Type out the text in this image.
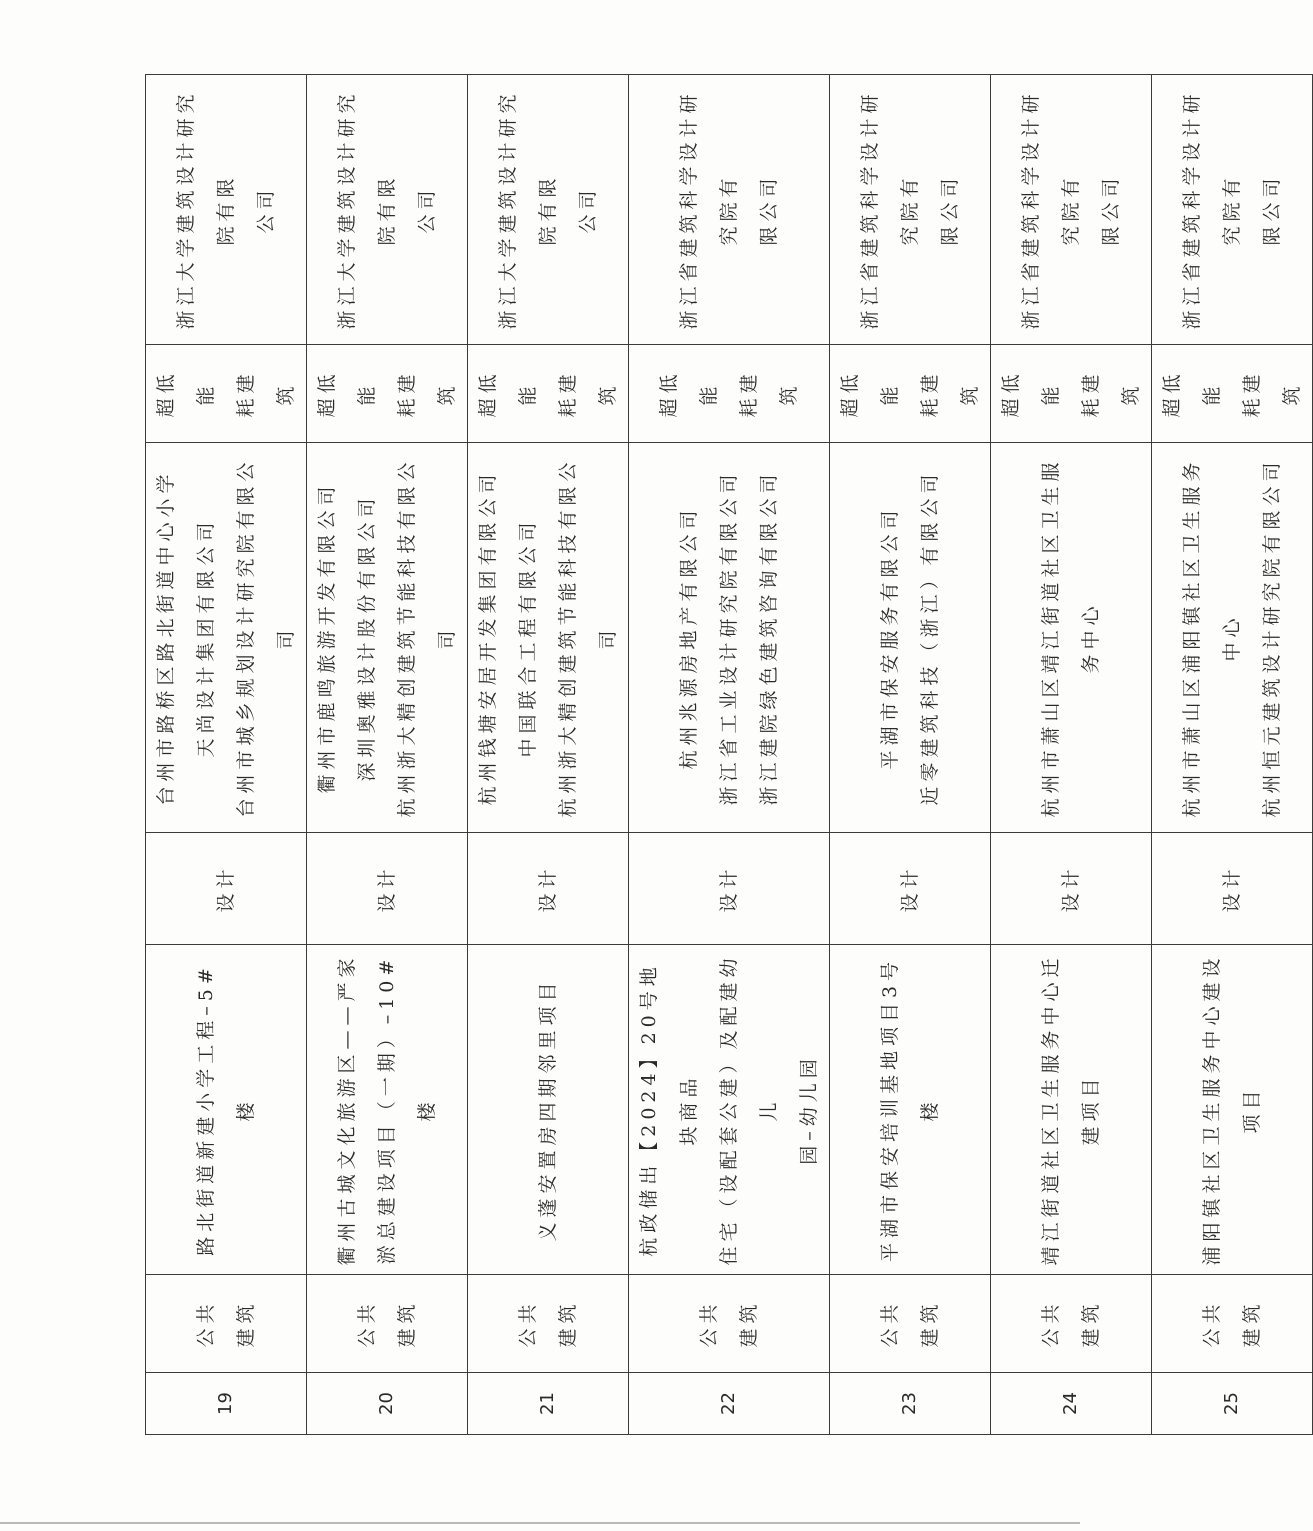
19	公共 建筑	路北街道新建小学工程–5#楼	设计	台州市路桥区路北街道中心小学 天尚设计集团有限公司 台州市城乡规划设计研究院有限公司	超低能 耗建筑	浙江大学建筑设计研究院有限 公司

20	公共 建筑	衢州古城文化旅游区——严家 淤总建设项目（一期）–10#楼	设计	衢州市鹿鸣旅游开发有限公司 深圳奥雅设计股份有限公司 杭州浙大精创建筑节能科技有限公司	超低能 耗建筑	浙江大学建筑设计研究院有限 公司

21	公共 建筑	义蓬安置房四期邻里项目	设计	杭州钱塘安居开发集团有限公司 中国联合工程有限公司 杭州浙大精创建筑节能科技有限公司	超低能 耗建筑	浙江大学建筑设计研究院有限 公司

22	公共 建筑	杭政储出【2024】20号地块商品 住宅（设配套公建）及配建幼儿 园–幼儿园	设计	杭州兆源房地产有限公司 浙江省工业设计研究院有限公司 浙江建院绿色建筑咨询有限公司	超低能 耗建筑	浙江省建筑科学设计研究院有 限公司

23	公共 建筑	平湖市保安培训基地项目3号楼	设计	平湖市保安服务有限公司 近零建筑科技（浙江）有限公司	超低能 耗建筑	浙江省建筑科学设计研究院有 限公司

24	公共 建筑	靖江街道社区卫生服务中心迁 建项目	设计	杭州市萧山区靖江街道社区卫生服务中心	超低能 耗建筑	浙江省建筑科学设计研究院有 限公司

25	公共 建筑	浦阳镇社区卫生服务中心建设 项目	设计	杭州市萧山区浦阳镇社区卫生服务中心 杭州恒元建筑设计研究院有限公司	超低能 耗建筑	浙江省建筑科学设计研究院有 限公司
